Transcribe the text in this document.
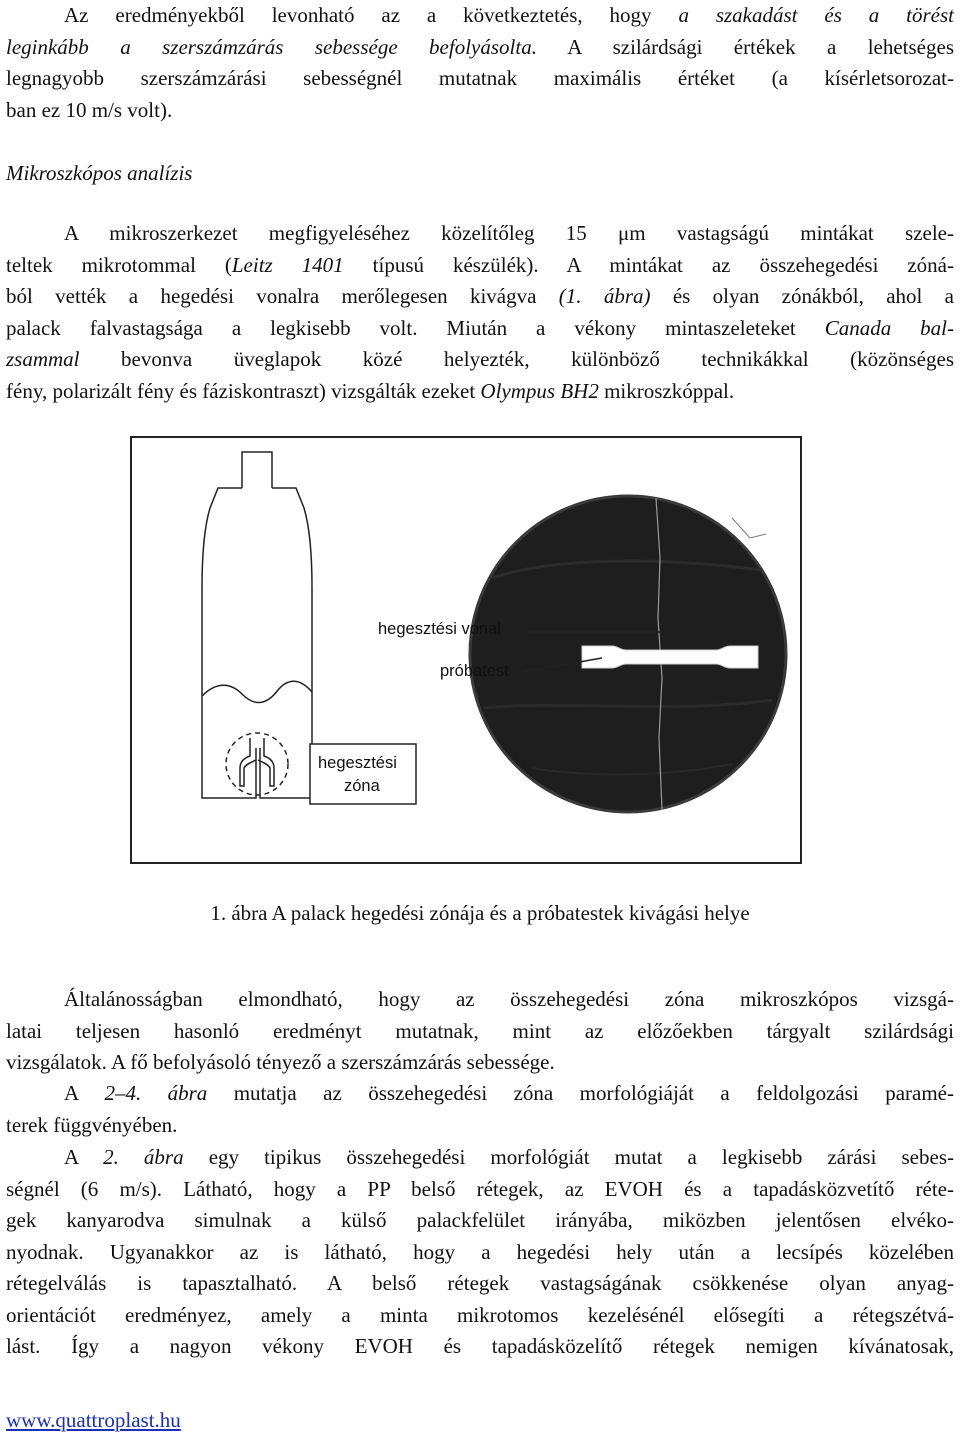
Az eredményekből levonható az a következtetés, hogy a szakadást és a törést
leginkább a szerszámzárás sebessége befolyásolta. A szilárdsági értékek a lehetséges
legnagyobb szerszámzárási sebességnél mutatnak maximális értéket (a kísérletsorozat-
ban ez 10 m/s volt).
Mikroszkópos analízis
A mikroszerkezet megfigyeléséhez közelítőleg 15 μm vastagságú mintákat szele-
teltek mikrotommal (Leitz 1401 típusú készülék). A mintákat az összehegedési zóná-
ból vették a hegedési vonalra merőlegesen kivágva (1. ábra) és olyan zónákból, ahol a
palack falvastagsága a legkisebb volt. Miután a vékony mintaszeleteket Canada bal-
zsammal bevonva üveglapok közé helyezték, különböző technikákkal (közönséges
fény, polarizált fény és fáziskontraszt) vizsgálták ezeket Olympus BH2 mikroszkóppal.
hegesztési vonal
próbatest
hegesztési
zóna
1. ábra A palack hegedési zónája és a próbatestek kivágási helye
Általánosságban elmondható, hogy az összehegedési zóna mikroszkópos vizsgá-
latai teljesen hasonló eredményt mutatnak, mint az előzőekben tárgyalt szilárdsági
vizsgálatok. A fő befolyásoló tényező a szerszámzárás sebessége.
A 2–4. ábra mutatja az összehegedési zóna morfológiáját a feldolgozási paramé-
terek függvényében.
A 2. ábra egy tipikus összehegedési morfológiát mutat a legkisebb zárási sebes-
ségnél (6 m/s). Látható, hogy a PP belső rétegek, az EVOH és a tapadásközvetítő réte-
gek kanyarodva simulnak a külső palackfelület irányába, miközben jelentősen elvéko-
nyodnak. Ugyanakkor az is látható, hogy a hegedési hely után a lecsípés közelében
rétegelválás is tapasztalható. A belső rétegek vastagságának csökkenése olyan anyag-
orientációt eredményez, amely a minta mikrotomos kezelésénél elősegíti a rétegszétvá-
lást. Így a nagyon vékony EVOH és tapadásközelítő rétegek nemigen kívánatosak,
www.quattroplast.hu
